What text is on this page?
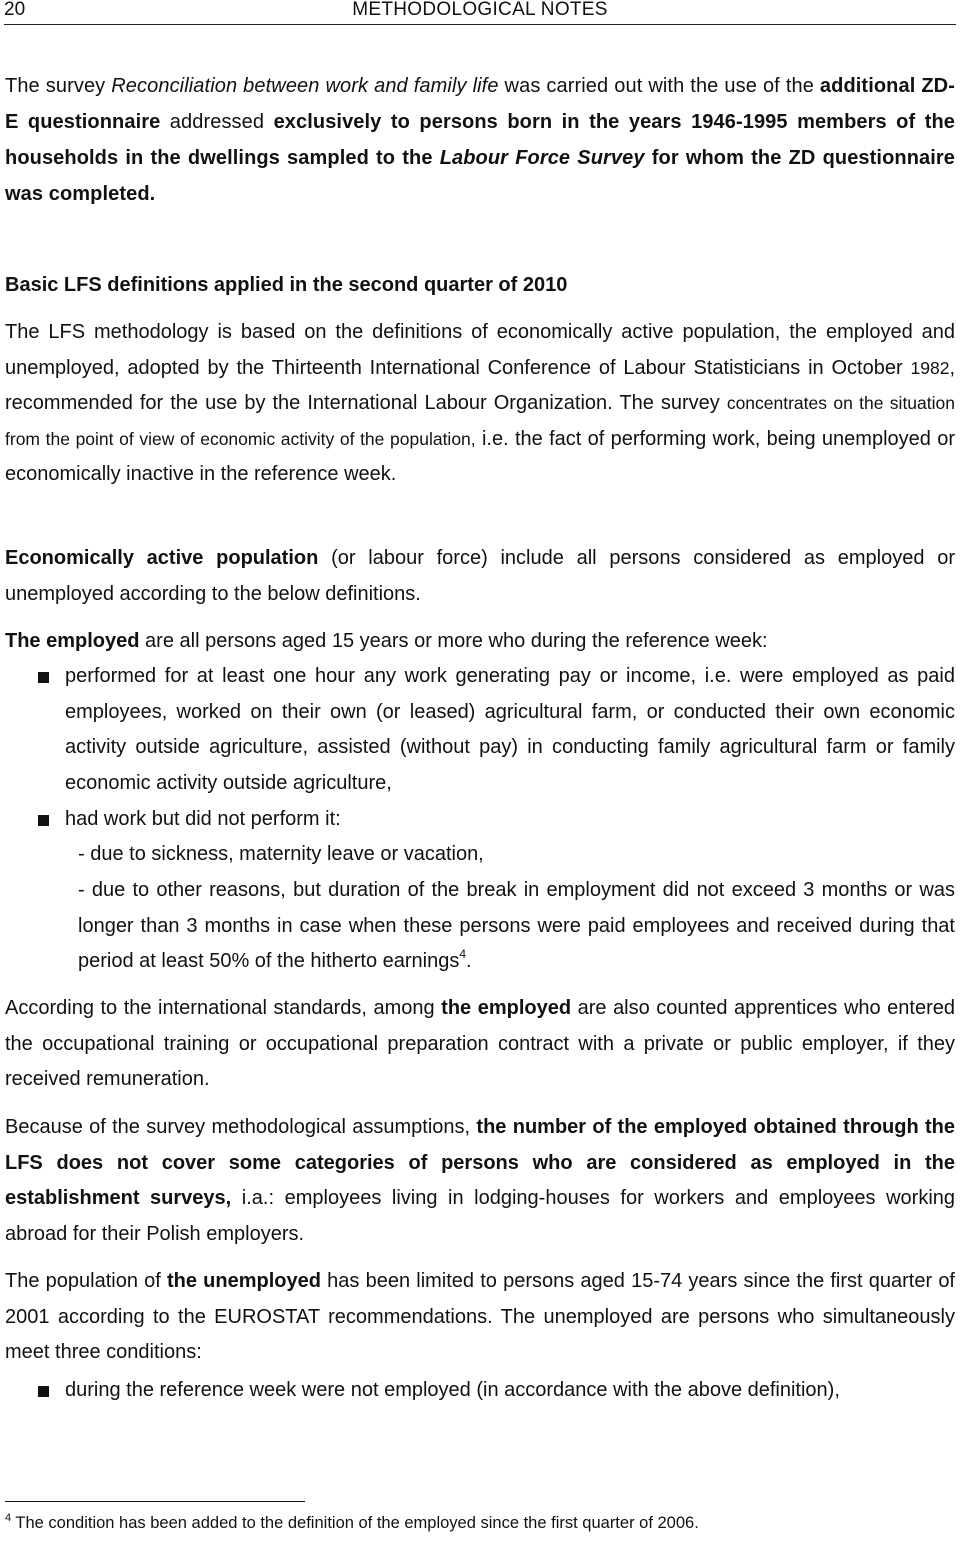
20	METHODOLOGICAL NOTES
The survey Reconciliation between work and family life was carried out with the use of the additional ZD-E questionnaire addressed exclusively to persons born in the years 1946-1995 members of the households in the dwellings sampled to the Labour Force Survey for whom the ZD questionnaire was completed.
Basic LFS definitions applied in the second quarter of 2010
The LFS methodology is based on the definitions of economically active population, the employed and unemployed, adopted by the Thirteenth International Conference of Labour Statisticians in October 1982, recommended for the use by the International Labour Organization. The survey concentrates on the situation from the point of view of economic activity of the population, i.e. the fact of performing work, being unemployed or economically inactive in the reference week.
Economically active population (or labour force) include all persons considered as employed or unemployed according to the below definitions.
The employed are all persons aged 15 years or more who during the reference week:
performed for at least one hour any work generating pay or income, i.e. were employed as paid employees, worked on their own (or leased) agricultural farm, or conducted their own economic activity outside agriculture, assisted (without pay) in conducting family agricultural farm or family economic activity outside agriculture,
had work but did not perform it:
- due to sickness, maternity leave or vacation,
- due to other reasons, but duration of the break in employment did not exceed 3 months or was longer than 3 months in case when these persons were paid employees and received during that period at least 50% of the hitherto earnings$^4$.
According to the international standards, among the employed are also counted apprentices who entered the occupational training or occupational preparation contract with a private or public employer, if they received remuneration.
Because of the survey methodological assumptions, the number of the employed obtained through the LFS does not cover some categories of persons who are considered as employed in the establishment surveys, i.a.: employees living in lodging-houses for workers and employees working abroad for their Polish employers.
The population of the unemployed has been limited to persons aged 15-74 years since the first quarter of 2001 according to the EUROSTAT recommendations. The unemployed are persons who simultaneously meet three conditions:
during the reference week were not employed (in accordance with the above definition),
$^4$ The condition has been added to the definition of the employed since the first quarter of 2006.
